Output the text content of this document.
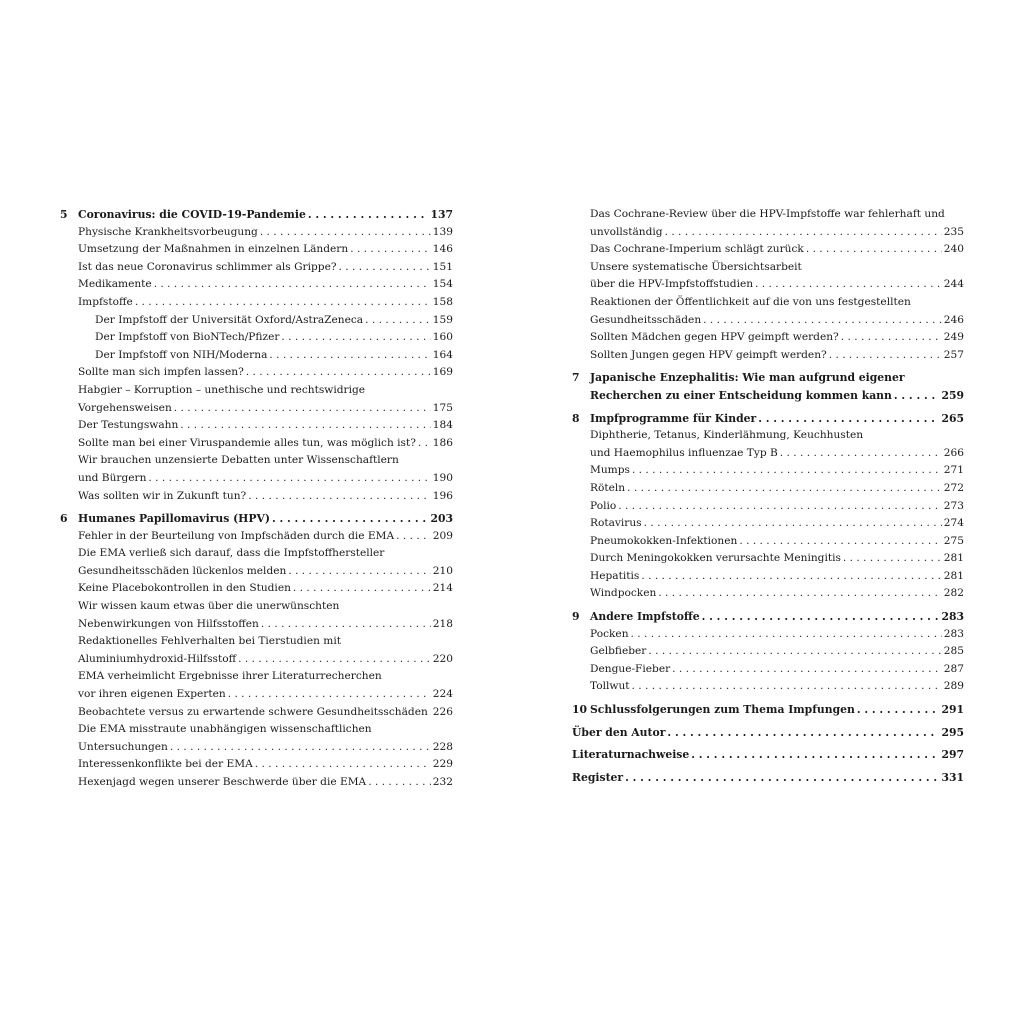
5 Coronavirus: die COVID-19-Pandemie . . .	137
Physische Krankheitsvorbeugung . . .	139
Umsetzung der Maßnahmen in einzelnen Ländern . . .	146
Ist das neue Coronavirus schlimmer als Grippe? . . .	151
Medikamente . . .	154
Impfstoffe . . .	158
Der Impfstoff der Universität Oxford/AstraZeneca . . .	159
Der Impfstoff von BioNTech/Pfizer . . .	160
Der Impfstoff von NIH/Moderna . . .	164
Sollte man sich impfen lassen? . . .	169
Habgier – Korruption – unethische und rechtswidrige
Vorgehensweisen . . .	175
Der Testungswahn . . .	184
Sollte man bei einer Viruspandemie alles tun, was möglich ist? . . . 186
Wir brauchen unzensierte Debatten unter Wissenschaftlern
und Bürgern . . .	190
Was sollten wir in Zukunft tun? . . .	196
6 Humanes Papillomavirus (HPV) . . .	203
Fehler in der Beurteilung von Impfschäden durch die EMA . . .	209
Die EMA verließ sich darauf, dass die Impfstoffhersteller
Gesundheitsschäden lückenlos melden . . .	210
Keine Placebokontrollen in den Studien . . .	214
Wir wissen kaum etwas über die unerwünschten
Nebenwirkungen von Hilfsstoffen . . .	218
Redaktionelles Fehlverhalten bei Tierstudien mit
Aluminiumhydroxid-Hilfsstoff . . .	220
EMA verheimlicht Ergebnisse ihrer Literaturrecherchen
vor ihren eigenen Experten . . .	224
Beobachtete versus zu erwartende schwere Gesundheitsschäden . . . 226
Die EMA misstraute unabhängigen wissenschaftlichen
Untersuchungen . . .	228
Interessenkonflikte bei der EMA . . .	229
Hexenjagd wegen unserer Beschwerde über die EMA . . .	232
Das Cochrane-Review über die HPV-Impfstoffe war fehlerhaft und
unvollständig . . .	235
Das Cochrane-Imperium schlägt zurück . . .	240
Unsere systematische Übersichtsarbeit
über die HPV-Impfstoffstudien . . .	244
Reaktionen der Öffentlichkeit auf die von uns festgestellten
Gesundheitsschäden . . .	246
Sollten Mädchen gegen HPV geimpft werden? . . .	249
Sollten Jungen gegen HPV geimpft werden? . . .	257
7 Japanische Enzephalitis: Wie man aufgrund eigener
Recherchen zu einer Entscheidung kommen kann . . .	259
8 Impfprogramme für Kinder . . .	265
Diphtherie, Tetanus, Kinderlähmung, Keuchhusten
und Haemophilus influenzae Typ B . . .	266
Mumps . . .	271
Röteln . . .	272
Polio . . .	273
Rotavirus . . .	274
Pneumokokken-Infektionen . . .	275
Durch Meningokokken verursachte Meningitis . . .	281
Hepatitis . . .	281
Windpocken . . .	282
9 Andere Impfstoffe . . .	283
Pocken . . .	283
Gelbfieber . . .	285
Dengue-Fieber . . .	287
Tollwut . . .	289
10 Schlussfolgerungen zum Thema Impfungen . . .	291
Über den Autor . . .	295
Literaturnachweise . . .	297
Register . . .	331
